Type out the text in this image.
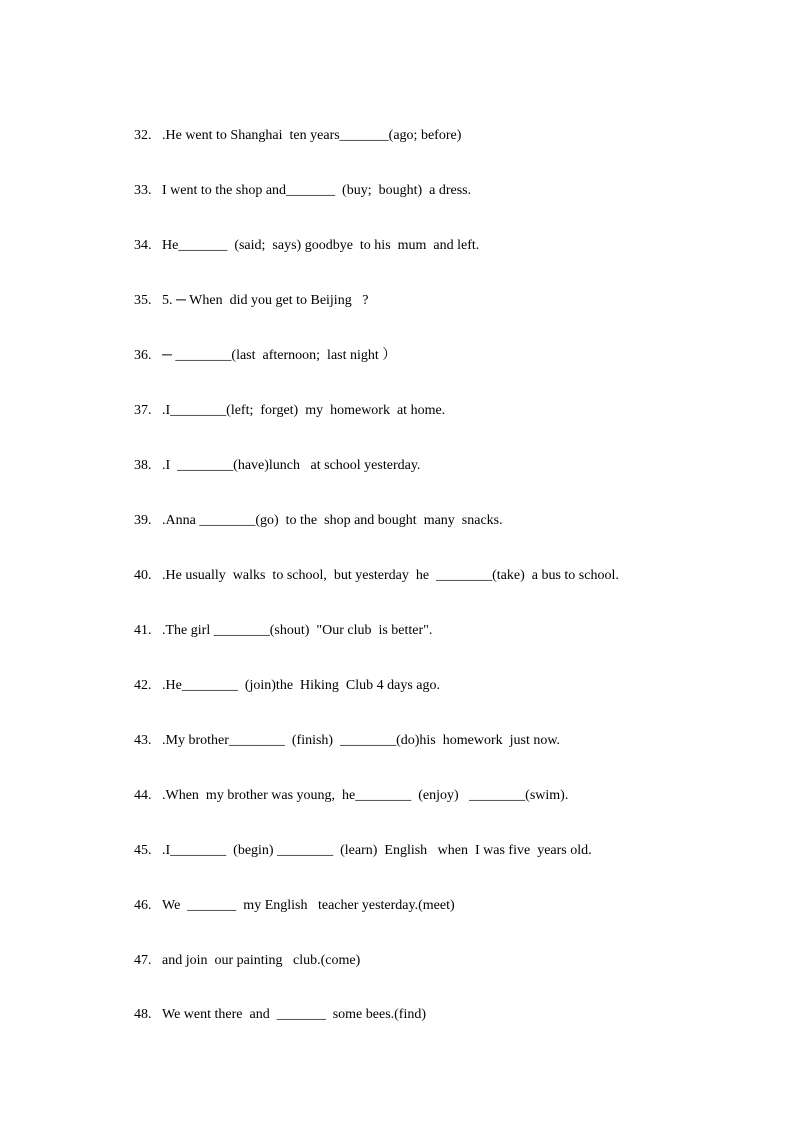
32. .He went to Shanghai  ten years_______(ago; before)

33. I went to the shop and_______  (buy;  bought)  a dress.

34. He_______  (said;  says) goodbye  to his  mum  and left.

35. 5. ─ When  did you get to Beijing   ?

36. ─ ________(last  afternoon;  last night ）

37. .I________(left;  forget)  my  homework  at home.

38. .I  ________(have)lunch   at school yesterday.

39. .Anna ________(go)  to the  shop and bought  many  snacks.

40. .He usually  walks  to school,  but yesterday  he  ________(take)  a bus to school.

41. .The girl ________(shout)  "Our club  is better".

42. .He________  (join)the  Hiking  Club 4 days ago.

43. .My brother________  (finish)  ________(do)his  homework  just now.

44. .When  my brother was young,  he________  (enjoy)   ________(swim).

45. .I________  (begin) ________  (learn)  English   when  I was five  years old.

46. We  _______  my English   teacher yesterday.(meet)

47. and join  our painting   club.(come)

48. We went there  and  _______  some bees.(find)
